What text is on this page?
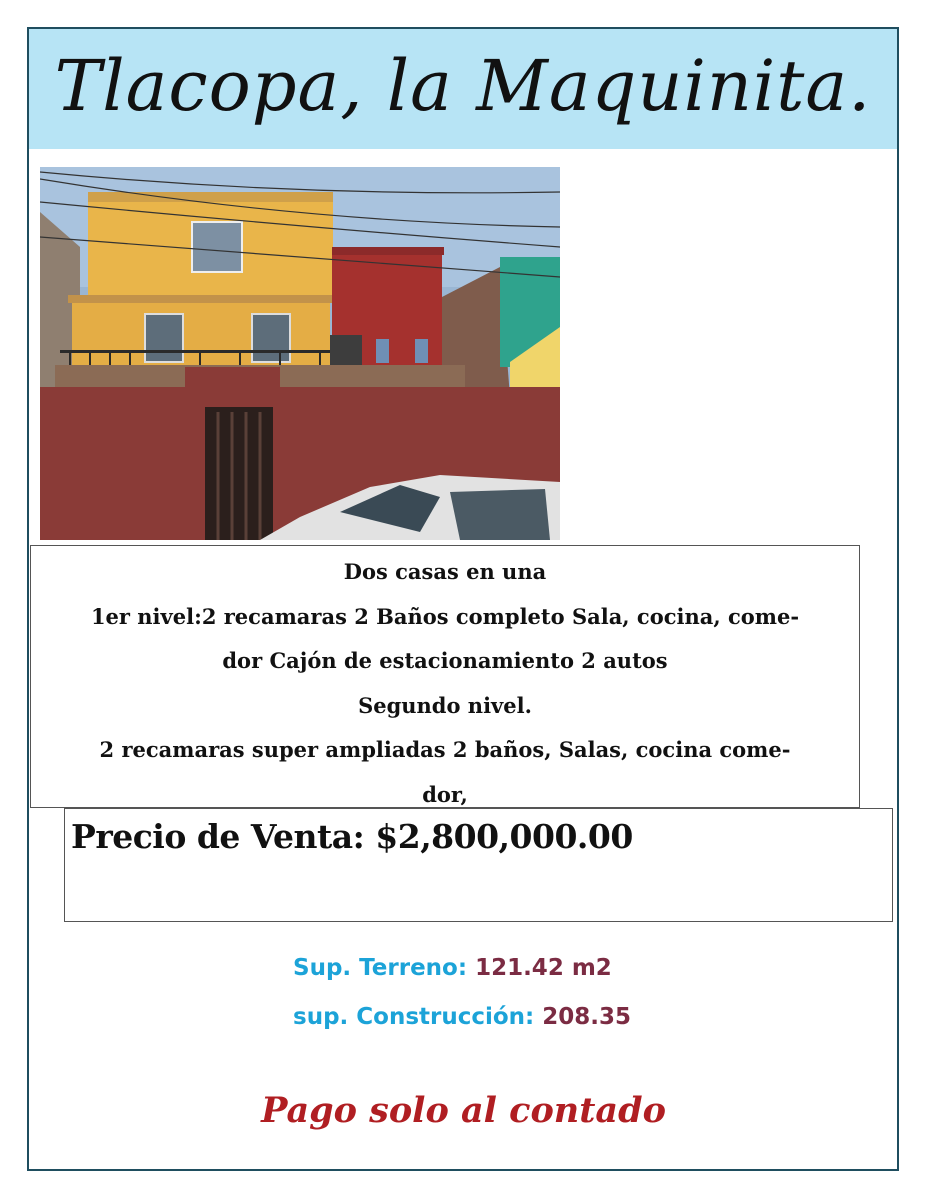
Tlacopa, la Maquinita.
Dos casas en una
1er nivel:2 recamaras 2 Baños completo Sala, cocina, come-
dor Cajón de estacionamiento 2 autos
Segundo nivel.
2 recamaras super ampliadas 2 baños, Salas, cocina come-
dor,
Precio de Venta: $2,800,000.00
Sup. Terreno: 121.42 m2
sup. Construcción: 208.35
Pago solo al contado
